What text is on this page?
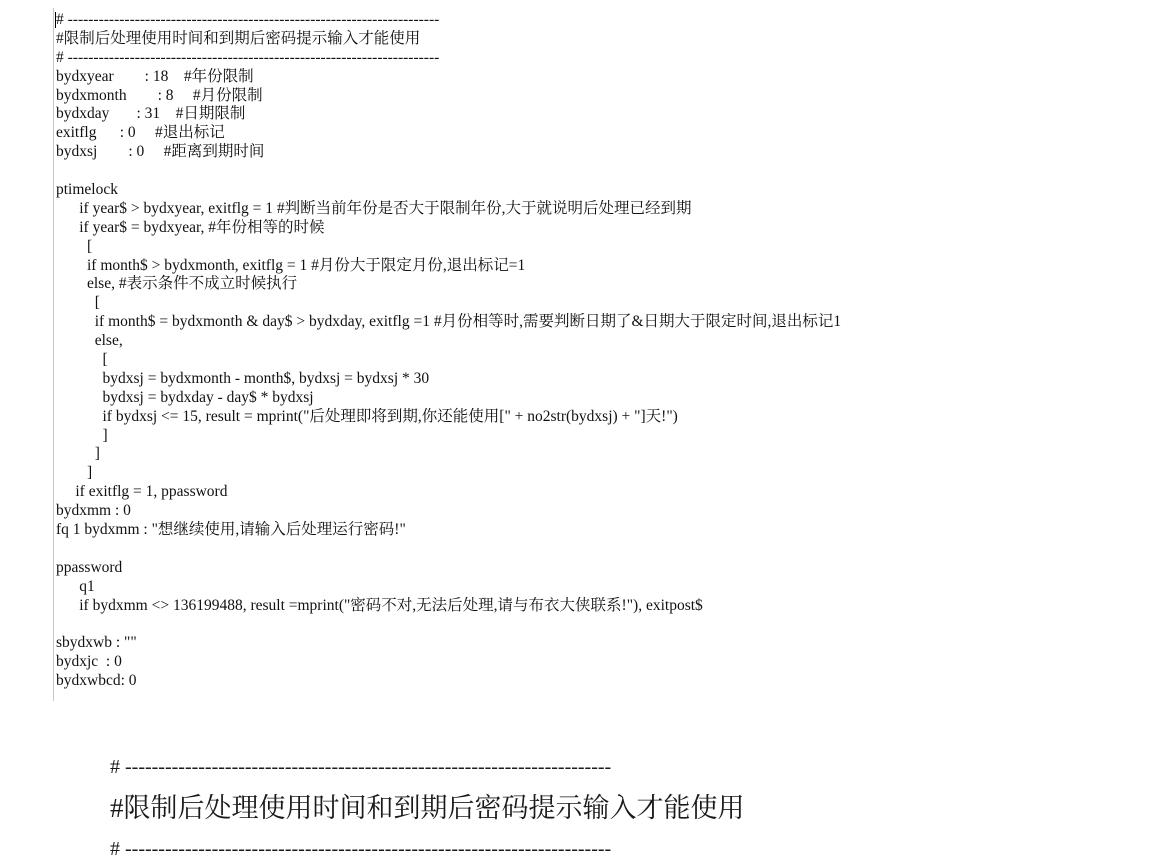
# ------------------------------------------------------------------------
#限制后处理使用时间和到期后密码提示输入才能使用
# ------------------------------------------------------------------------
bydxyear        : 18    #年份限制
bydxmonth        : 8     #月份限制
bydxday       : 31    #日期限制
exitflg      : 0     #退出标记
bydxsj        : 0     #距离到期时间
ptimelock
if year$ > bydxyear, exitflg = 1 #判断当前年份是否大于限制年份,大于就说明后处理已经到期
if year$ = bydxyear, #年份相等的时候
[
if month$ > bydxmonth, exitflg = 1 #月份大于限定月份,退出标记=1
else, #表示条件不成立时候执行
[
if month$ = bydxmonth & day$ > bydxday, exitflg =1 #月份相等时,需要判断日期了&日期大于限定时间,退出标记1
else,
[
bydxsj = bydxmonth - month$, bydxsj = bydxsj * 30
bydxsj = bydxday - day$ * bydxsj
if bydxsj <= 15, result = mprint("后处理即将到期,你还能使用[" + no2str(bydxsj) + "]天!")
]
]
]
if exitflg = 1, ppassword
bydxmm : 0
fq 1 bydxmm : "想继续使用,请输入后处理运行密码!"
ppassword
q1
if bydxmm <> 136199488, result =mprint("密码不对,无法后处理,请与布衣大侠联系!"), exitpost$
sbydxwb : ""
bydxjc  : 0
bydxwbcd: 0
# -------------------------------------------------------------------------
#限制后处理使用时间和到期后密码提示输入才能使用
# -------------------------------------------------------------------------
